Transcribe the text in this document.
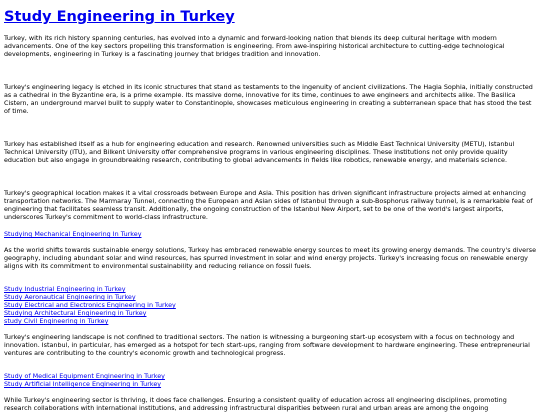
Study Engineering in Turkey

Turkey, with its rich history spanning centuries, has evolved into a dynamic and forward-looking nation that blends its deep cultural heritage with modern advancements. One of the key sectors propelling this transformation is engineering. From awe-inspiring historical architecture to cutting-edge technological developments, engineering in Turkey is a fascinating journey that bridges tradition and innovation.

Turkey's engineering legacy is etched in its iconic structures that stand as testaments to the ingenuity of ancient civilizations. The Hagia Sophia, initially constructed as a cathedral in the Byzantine era, is a prime example. Its massive dome, innovative for its time, continues to awe engineers and architects alike. The Basilica Cistern, an underground marvel built to supply water to Constantinople, showcases meticulous engineering in creating a subterranean space that has stood the test of time.

Turkey has established itself as a hub for engineering education and research. Renowned universities such as Middle East Technical University (METU), Istanbul Technical University (ITU), and Bilkent University offer comprehensive programs in various engineering disciplines. These institutions not only provide quality education but also engage in groundbreaking research, contributing to global advancements in fields like robotics, renewable energy, and materials science.

Turkey's geographical location makes it a vital crossroads between Europe and Asia. This position has driven significant infrastructure projects aimed at enhancing transportation networks. The Marmaray Tunnel, connecting the European and Asian sides of Istanbul through a sub-Bosphorus railway tunnel, is a remarkable feat of engineering that facilitates seamless transit. Additionally, the ongoing construction of the Istanbul New Airport, set to be one of the world's largest airports, underscores Turkey's commitment to world-class infrastructure.

Studying Mechanical Engineering In Turkey

As the world shifts towards sustainable energy solutions, Turkey has embraced renewable energy sources to meet its growing energy demands. The country's diverse geography, including abundant solar and wind resources, has spurred investment in solar and wind energy projects. Turkey's increasing focus on renewable energy aligns with its commitment to environmental sustainability and reducing reliance on fossil fuels.

Study Industrial Engineering in Turkey
Study Aeronautical Engineering in Turkey
Study Electrical and Electronics Engineering in Turkey
Studying Architectural Engineering in Turkey
study Civil Engineering in Turkey

Turkey's engineering landscape is not confined to traditional sectors. The nation is witnessing a burgeoning start-up ecosystem with a focus on technology and innovation. Istanbul, in particular, has emerged as a hotspot for tech start-ups, ranging from software development to hardware engineering. These entrepreneurial ventures are contributing to the country's economic growth and technological progress.

Study of Medical Equipment Engineering in Turkey
Study Artificial Intelligence Engineering in Turkey

While Turkey's engineering sector is thriving, it does face challenges. Ensuring a consistent quality of education across all engineering disciplines, promoting research collaborations with international institutions, and addressing infrastructural disparities between rural and urban areas are among the ongoing
